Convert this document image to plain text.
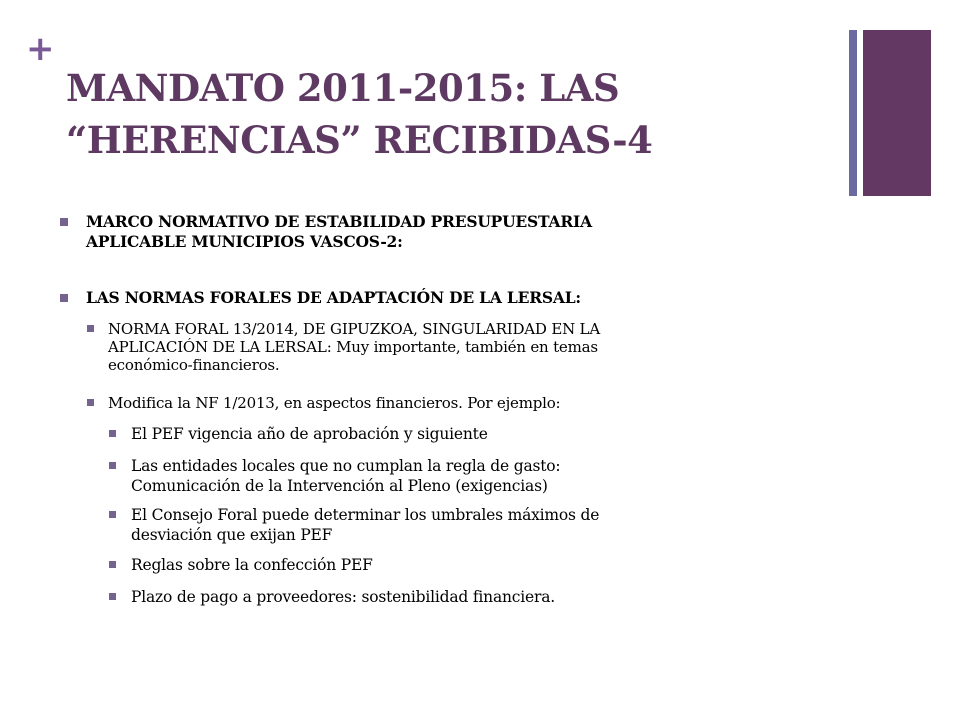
+
MANDATO 2011-2015: LAS
“HERENCIAS” RECIBIDAS-4
MARCO NORMATIVO DE ESTABILIDAD PRESUPUESTARIA
APLICABLE MUNICIPIOS VASCOS-2:
LAS NORMAS FORALES DE ADAPTACIÓN DE LA LERSAL:
NORMA FORAL 13/2014, DE GIPUZKOA, SINGULARIDAD EN LA
APLICACIÓN DE LA LERSAL: Muy importante, también en temas
económico-financieros.
Modifica la NF 1/2013, en aspectos financieros. Por ejemplo:
El PEF vigencia año de aprobación y siguiente
Las entidades locales que no cumplan la regla de gasto:
Comunicación de la Intervención al Pleno (exigencias)
El Consejo Foral puede determinar los umbrales máximos de
desviación que exijan PEF
Reglas sobre la confección PEF
Plazo de pago a proveedores: sostenibilidad financiera.
